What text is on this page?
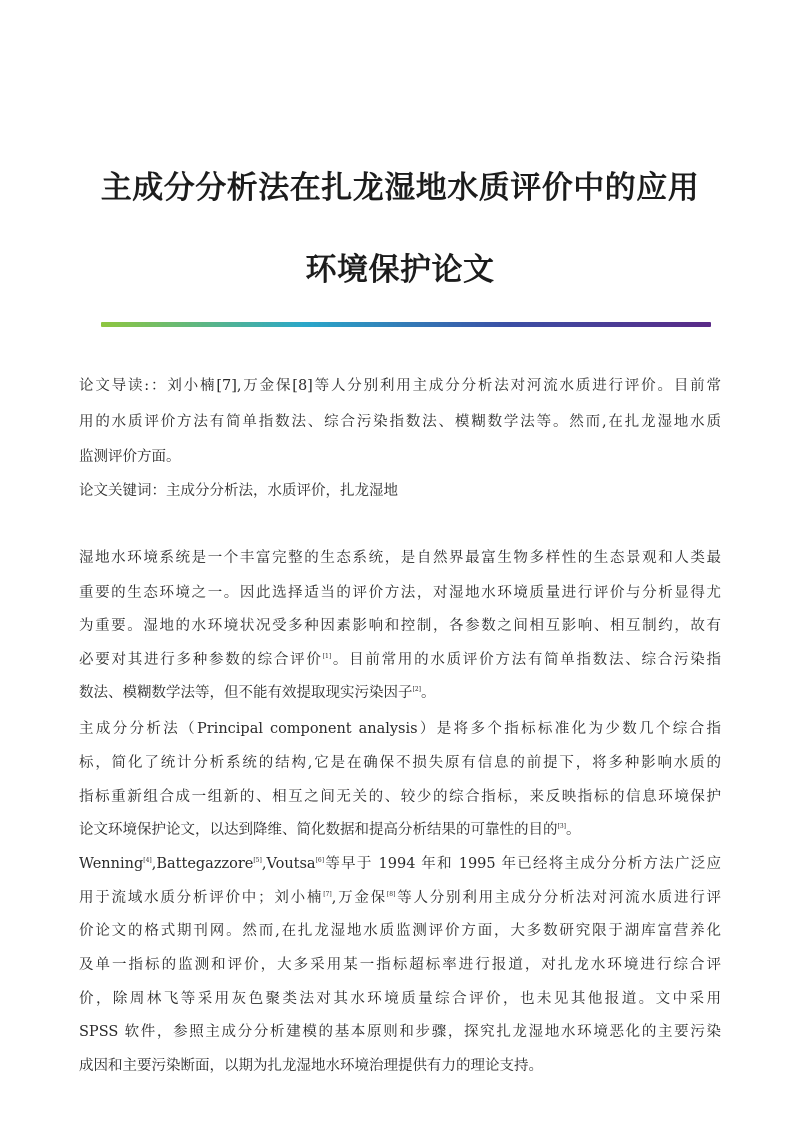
主成分分析法在扎龙湿地水质评价中的应用
环境保护论文
论文导读:：刘小楠[7],万金保[8]等人分别利用主成分分析法对河流水质进行评价。目前常
用的水质评价方法有简单指数法、综合污染指数法、模糊数学法等。然而,在扎龙湿地水质
监测评价方面。
论文关键词：主成分分析法，水质评价，扎龙湿地
湿地水环境系统是一个丰富完整的生态系统，是自然界最富生物多样性的生态景观和人类最
重要的生态环境之一。因此选择适当的评价方法，对湿地水环境质量进行评价与分析显得尤
为重要。湿地的水环境状况受多种因素影响和控制，各参数之间相互影响、相互制约，故有
必要对其进行多种参数的综合评价[1]。目前常用的水质评价方法有简单指数法、综合污染指
数法、模糊数学法等，但不能有效提取现实污染因子[2]。
主成分分析法（Principal component analysis）是将多个指标标准化为少数几个综合指
标，简化了统计分析系统的结构,它是在确保不损失原有信息的前提下，将多种影响水质的
指标重新组合成一组新的、相互之间无关的、较少的综合指标，来反映指标的信息环境保护
论文环境保护论文，以达到降维、简化数据和提高分析结果的可靠性的目的[3]。
Wenning[4],Battegazzore[5],Voutsa[6]等早于 1994 年和 1995 年已经将主成分分析方法广泛应
用于流域水质分析评价中；刘小楠[7],万金保[8]等人分别利用主成分分析法对河流水质进行评
价论文的格式期刊网。然而,在扎龙湿地水质监测评价方面，大多数研究限于湖库富营养化
及单一指标的监测和评价，大多采用某一指标超标率进行报道，对扎龙水环境进行综合评
价，除周林飞等采用灰色聚类法对其水环境质量综合评价，也未见其他报道。文中采用
SPSS 软件，参照主成分分析建模的基本原则和步骤，探究扎龙湿地水环境恶化的主要污染
成因和主要污染断面，以期为扎龙湿地水环境治理提供有力的理论支持。
